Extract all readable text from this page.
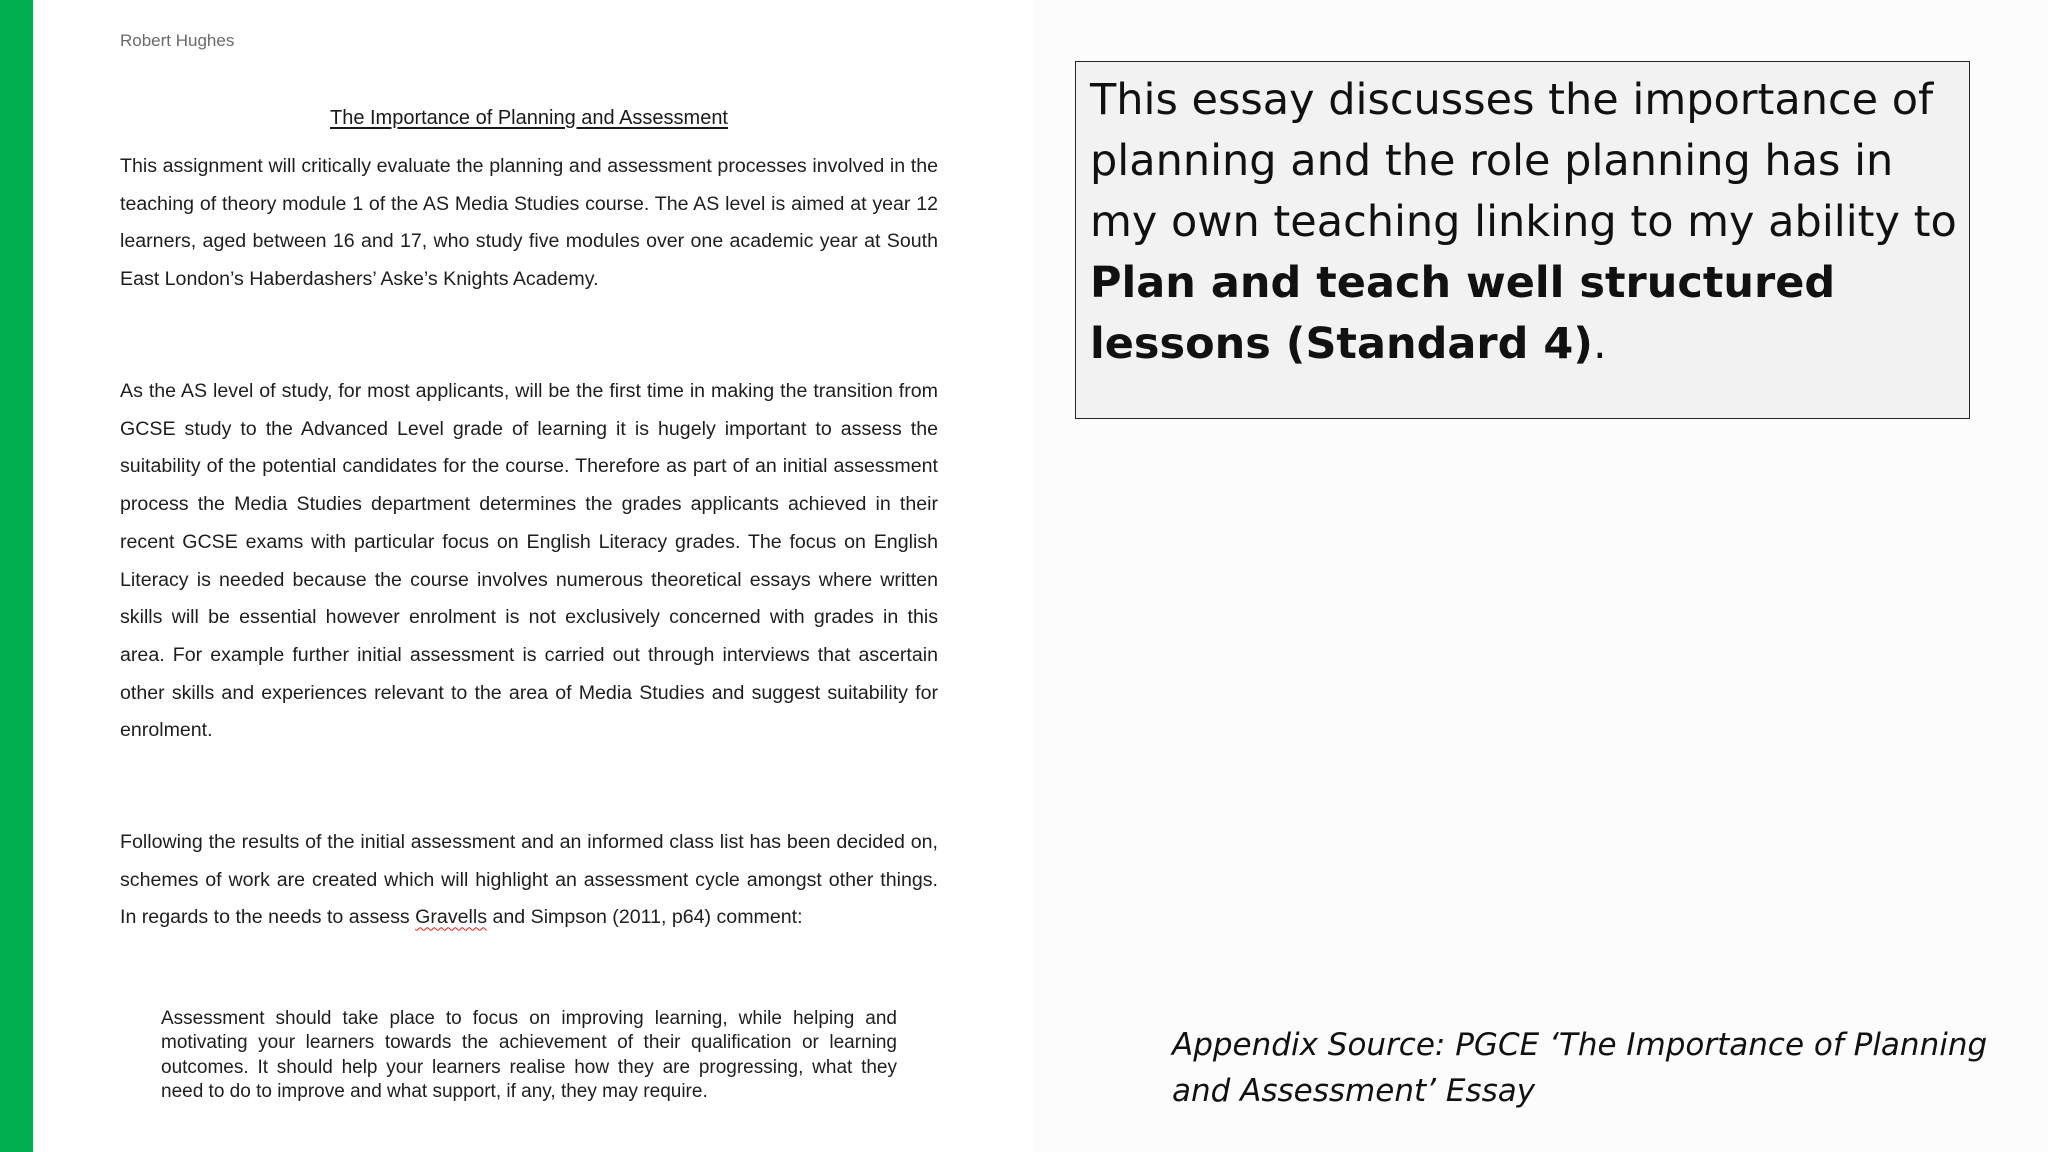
Robert Hughes
The Importance of Planning and Assessment

This assignment will critically evaluate the planning and assessment processes involved in the teaching of theory module 1 of the AS Media Studies course. The AS level is aimed at year 12 learners, aged between 16 and 17, who study five modules over one academic year at South East London’s Haberdashers’ Aske’s Knights Academy.

As the AS level of study, for most applicants, will be the first time in making the transition from GCSE study to the Advanced Level grade of learning it is hugely important to assess the suitability of the potential candidates for the course. Therefore as part of an initial assessment process the Media Studies department determines the grades applicants achieved in their recent GCSE exams with particular focus on English Literacy grades. The focus on English Literacy is needed because the course involves numerous theoretical essays where written skills will be essential however enrolment is not exclusively concerned with grades in this area. For example further initial assessment is carried out through interviews that ascertain other skills and experiences relevant to the area of Media Studies and suggest suitability for enrolment.

Following the results of the initial assessment and an informed class list has been decided on, schemes of work are created which will highlight an assessment cycle amongst other things. In regards to the needs to assess Gravells and Simpson (2011, p64) comment:

Assessment should take place to focus on improving learning, while helping and motivating your learners towards the achievement of their qualification or learning outcomes. It should help your learners realise how they are progressing, what they need to do to improve and what support, if any, they may require.

This essay discusses the importance of planning and the role planning has in my own teaching linking to my ability to Plan and teach well structured lessons (Standard 4).
Appendix Source: PGCE ‘The Importance of Planning
and Assessment’ Essay
